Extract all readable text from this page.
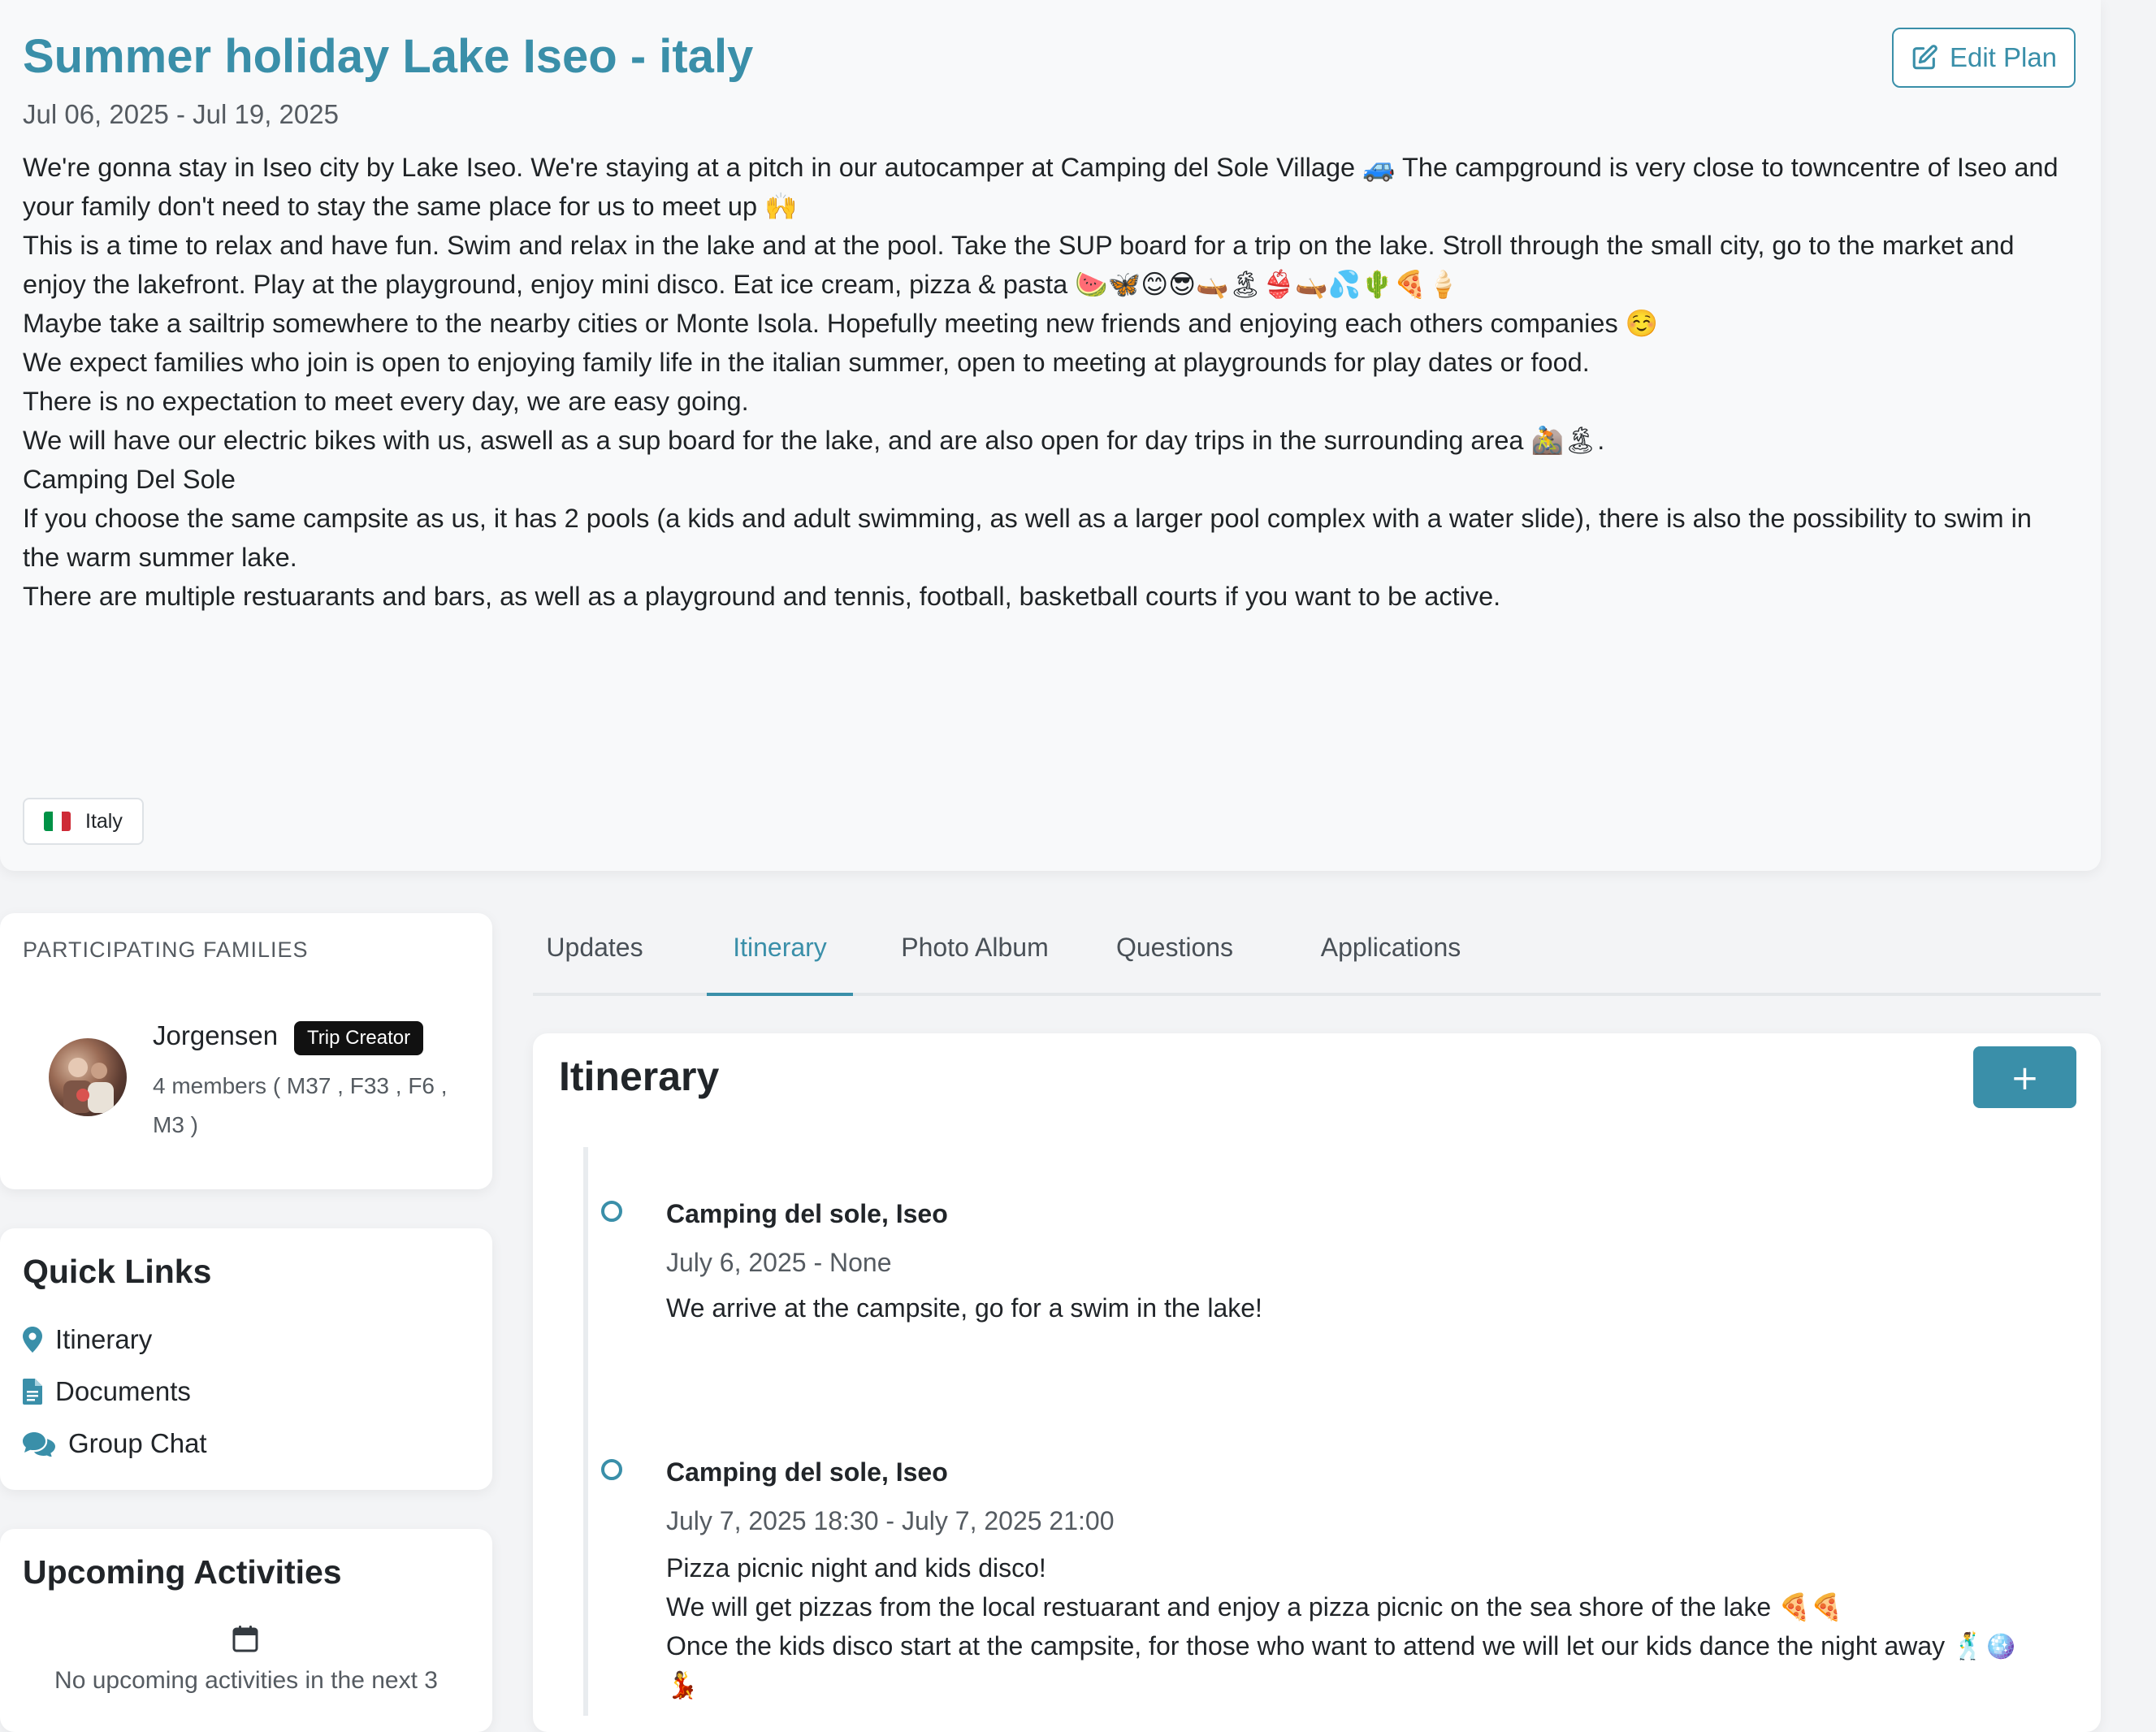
Summer holiday Lake Iseo - italy
Jul 06, 2025 - Jul 19, 2025
Edit Plan

We're gonna stay in Iseo city by Lake Iseo. We're staying at a pitch in our autocamper at Camping del Sole Village 🚙 The campground is very close to towncentre of Iseo and your family don't need to stay the same place for us to meet up 🙌

This is a time to relax and have fun. Swim and relax in the lake and at the pool. Take the SUP board for a trip on the lake. Stroll through the small city, go to the market and enjoy the lakefront. Play at the playground, enjoy mini disco. Eat ice cream, pizza & pasta 🍉🦋😊😎🛶🏝👙🛶💦🌵🍕🍦

Maybe take a sailtrip somewhere to the nearby cities or Monte Isola. Hopefully meeting new friends and enjoying each others companies ☺️

We expect families who join is open to enjoying family life in the italian summer, open to meeting at playgrounds for play dates or food.

There is no expectation to meet every day, we are easy going.

We will have our electric bikes with us, aswell as a sup board for the lake, and are also open for day trips in the surrounding area 🚵🏝.

Camping Del Sole

If you choose the same campsite as us, it has 2 pools (a kids and adult swimming, as well as a larger pool complex with a water slide), there is also the possibility to swim in the warm summer lake.

There are multiple restuarants and bars, as well as a playground and tennis, football, basketball courts if you want to be active.

Italy
PARTICIPATING FAMILIES
Jorgensen	Trip Creator
4 members ( M37 , F33 , F6 , M3 )
Quick Links
Itinerary
Documents
Group Chat
Upcoming Activities
No upcoming activities in the next 3
Updates	Itinerary	Photo Album	Questions	Applications
Itinerary	+
Camping del sole, Iseo
July 6, 2025 - None

We arrive at the campsite, go for a swim in the lake!

Camping del sole, Iseo
July 7, 2025 18:30 - July 7, 2025 21:00

Pizza picnic night and kids disco!

We will get pizzas from the local restuarant and enjoy a pizza picnic on the sea shore of the lake 🍕🍕

Once the kids disco start at the campsite, for those who want to attend we will let our kids dance the night away 🕺🪩💃
